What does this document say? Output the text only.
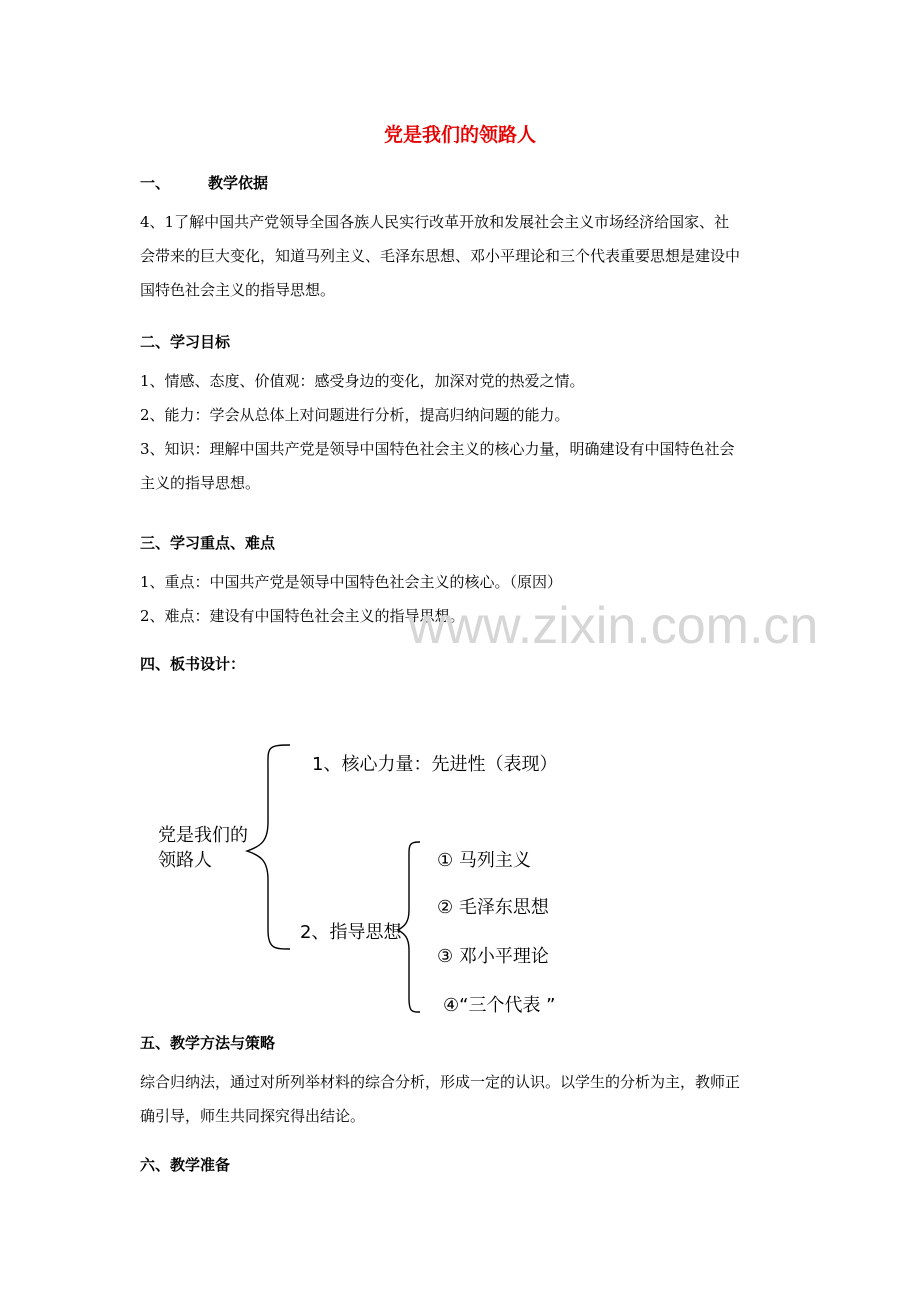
党是我们的领路人
一、	教学依据
4、1了解中国共产党领导全国各族人民实行改革开放和发展社会主义市场经济给国家、社
会带来的巨大变化，知道马列主义、毛泽东思想、邓小平理论和三个代表重要思想是建设中
国特色社会主义的指导思想。
二、学习目标
1、情感、态度、价值观：感受身边的变化，加深对党的热爱之情。
2、能力：学会从总体上对问题进行分析，提高归纳问题的能力。
3、知识：理解中国共产党是领导中国特色社会主义的核心力量，明确建设有中国特色社会
主义的指导思想。
三、学习重点、难点
1、重点：中国共产党是领导中国特色社会主义的核心。（原因）
2、难点：建设有中国特色社会主义的指导思想。
www.zixin.com.cn
四、板书设计：
党是我们的
领路人
1、核心力量：先进性（表现）
2、指导思想
① 马列主义
② 毛泽东思想
③ 邓小平理论
④“三个代表 ”
五、教学方法与策略
综合归纳法，通过对所列举材料的综合分析，形成一定的认识。以学生的分析为主，教师正
确引导，师生共同探究得出结论。
六、教学准备
